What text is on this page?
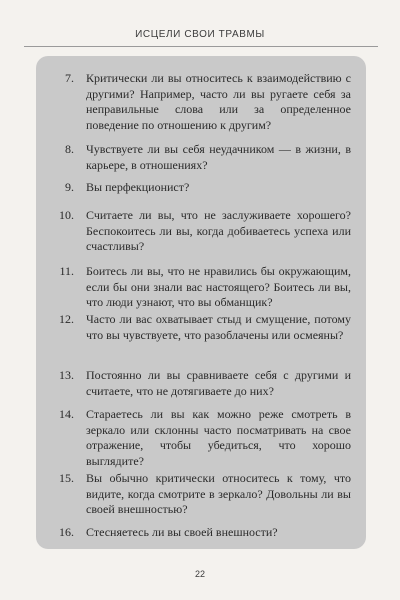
ИСЦЕЛИ СВОИ ТРАВМЫ
7.	Критически ли вы относитесь к взаимодействию с другими? Например, часто ли вы ругаете себя за неправильные слова или за определенное поведение по отношению к другим?
8.	Чувствуете ли вы себя неудачником — в жизни, в карьере, в отношениях?
9.	Вы перфекционист?
10.	Считаете ли вы, что не заслуживаете хорошего? Беспокоитесь ли вы, когда добиваетесь успеха или счастливы?
11.	Боитесь ли вы, что не нравились бы окружающим, если бы они знали вас настоящего? Боитесь ли вы, что люди узнают, что вы обманщик?
12.	Часто ли вас охватывает стыд и смущение, потому что вы чувствуете, что разоблачены или осмеяны?
13.	Постоянно ли вы сравниваете себя с другими и считаете, что не дотягиваете до них?
14.	Стараетесь ли вы как можно реже смотреть в зеркало или склонны часто посматривать на свое отражение, чтобы убедиться, что хорошо выглядите?
15.	Вы обычно критически относитесь к тому, что видите, когда смотрите в зеркало? Довольны ли вы своей внешностью?
16.	Стесняетесь ли вы своей внешности?
22
